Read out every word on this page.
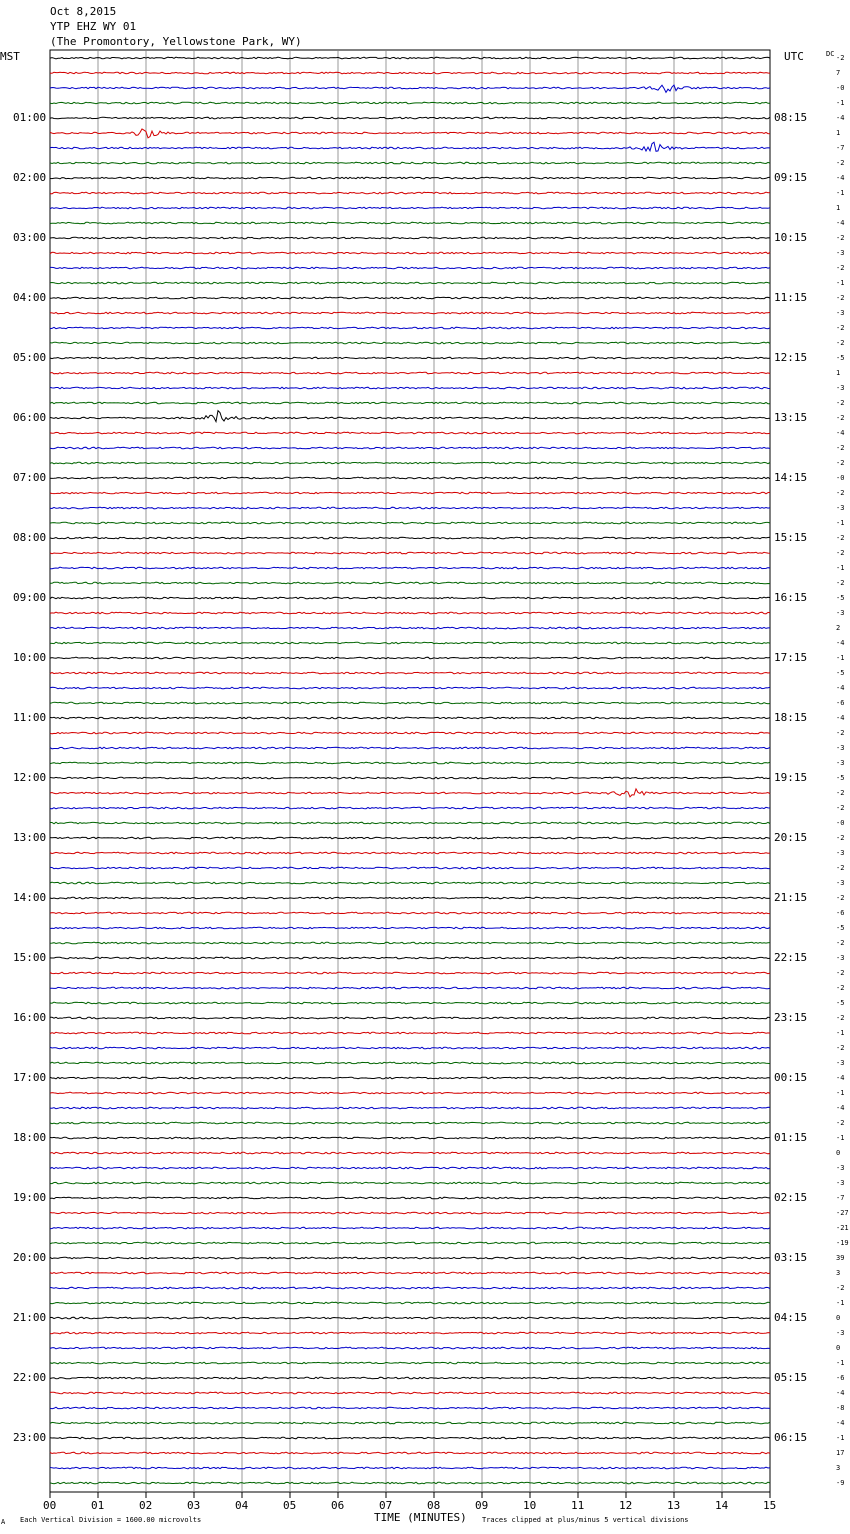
Oct 8,2015
YTP EHZ WY 01
(The Promontory, Yellowstone Park, WY)
MST	UTC	DC
01:00
02:00
03:00
04:00
05:00
06:00
07:00
08:00
09:00
10:00
11:00
12:00
13:00
14:00
15:00
16:00
17:00
18:00
19:00
20:00
21:00
22:00
23:00
08:15
09:15
10:15
11:15
12:15
13:15
14:15
15:15
16:15
17:15
18:15
19:15
20:15
21:15
22:15
23:15
00:15
01:15
02:15
03:15
04:15
05:15
06:15
-2
7
-0
-1
-4
1
-7
-2
-4
-1
1
-4
-2
-3
-2
-1
-2
-3
-2
-2
-5
1
-3
-2
-2
-4
-2
-2
-0
-2
-3
-1
-2
-2
-1
-2
-5
-3
2
-4
-1
-5
-4
-6
-4
-2
-3
-3
-5
-2
-2
-0
-2
-3
-2
-3
-2
-6
-5
-2
-3
-2
-2
-5
-2
-1
-2
-3
-4
-1
-4
-2
-1
0
-3
-3
-7
-27
-21
-19
39
3
-2
-1
0
-3
0
-1
-6
-4
-8
-4
-1
17
3
-9
00	01	02	03	04	05	06	07	08	09	10	11	12	13	14	15
A Each Vertical Division = 1600.00 microvolts	TIME (MINUTES) Traces clipped at plus/minus 5 vertical divisions
